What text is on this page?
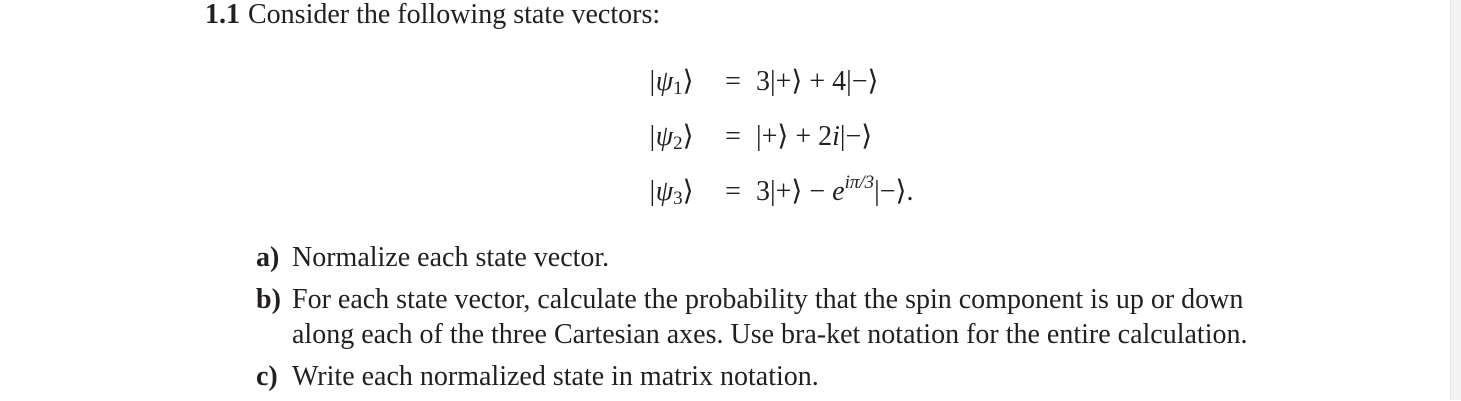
1.1 Consider the following state vectors:
$|\psi_1⟩$	= 3|+⟩ + 4|−⟩
$|\psi_2⟩$	= |+⟩ + 2i|−⟩
$|\psi_3⟩$	= 3|+⟩ − $e^{i\pi/3}|-⟩$.
a) Normalize each state vector.
b) For each state vector, calculate the probability that the spin component is up or down along each of the three Cartesian axes. Use bra-ket notation for the entire calculation.
c) Write each normalized state in matrix notation.
